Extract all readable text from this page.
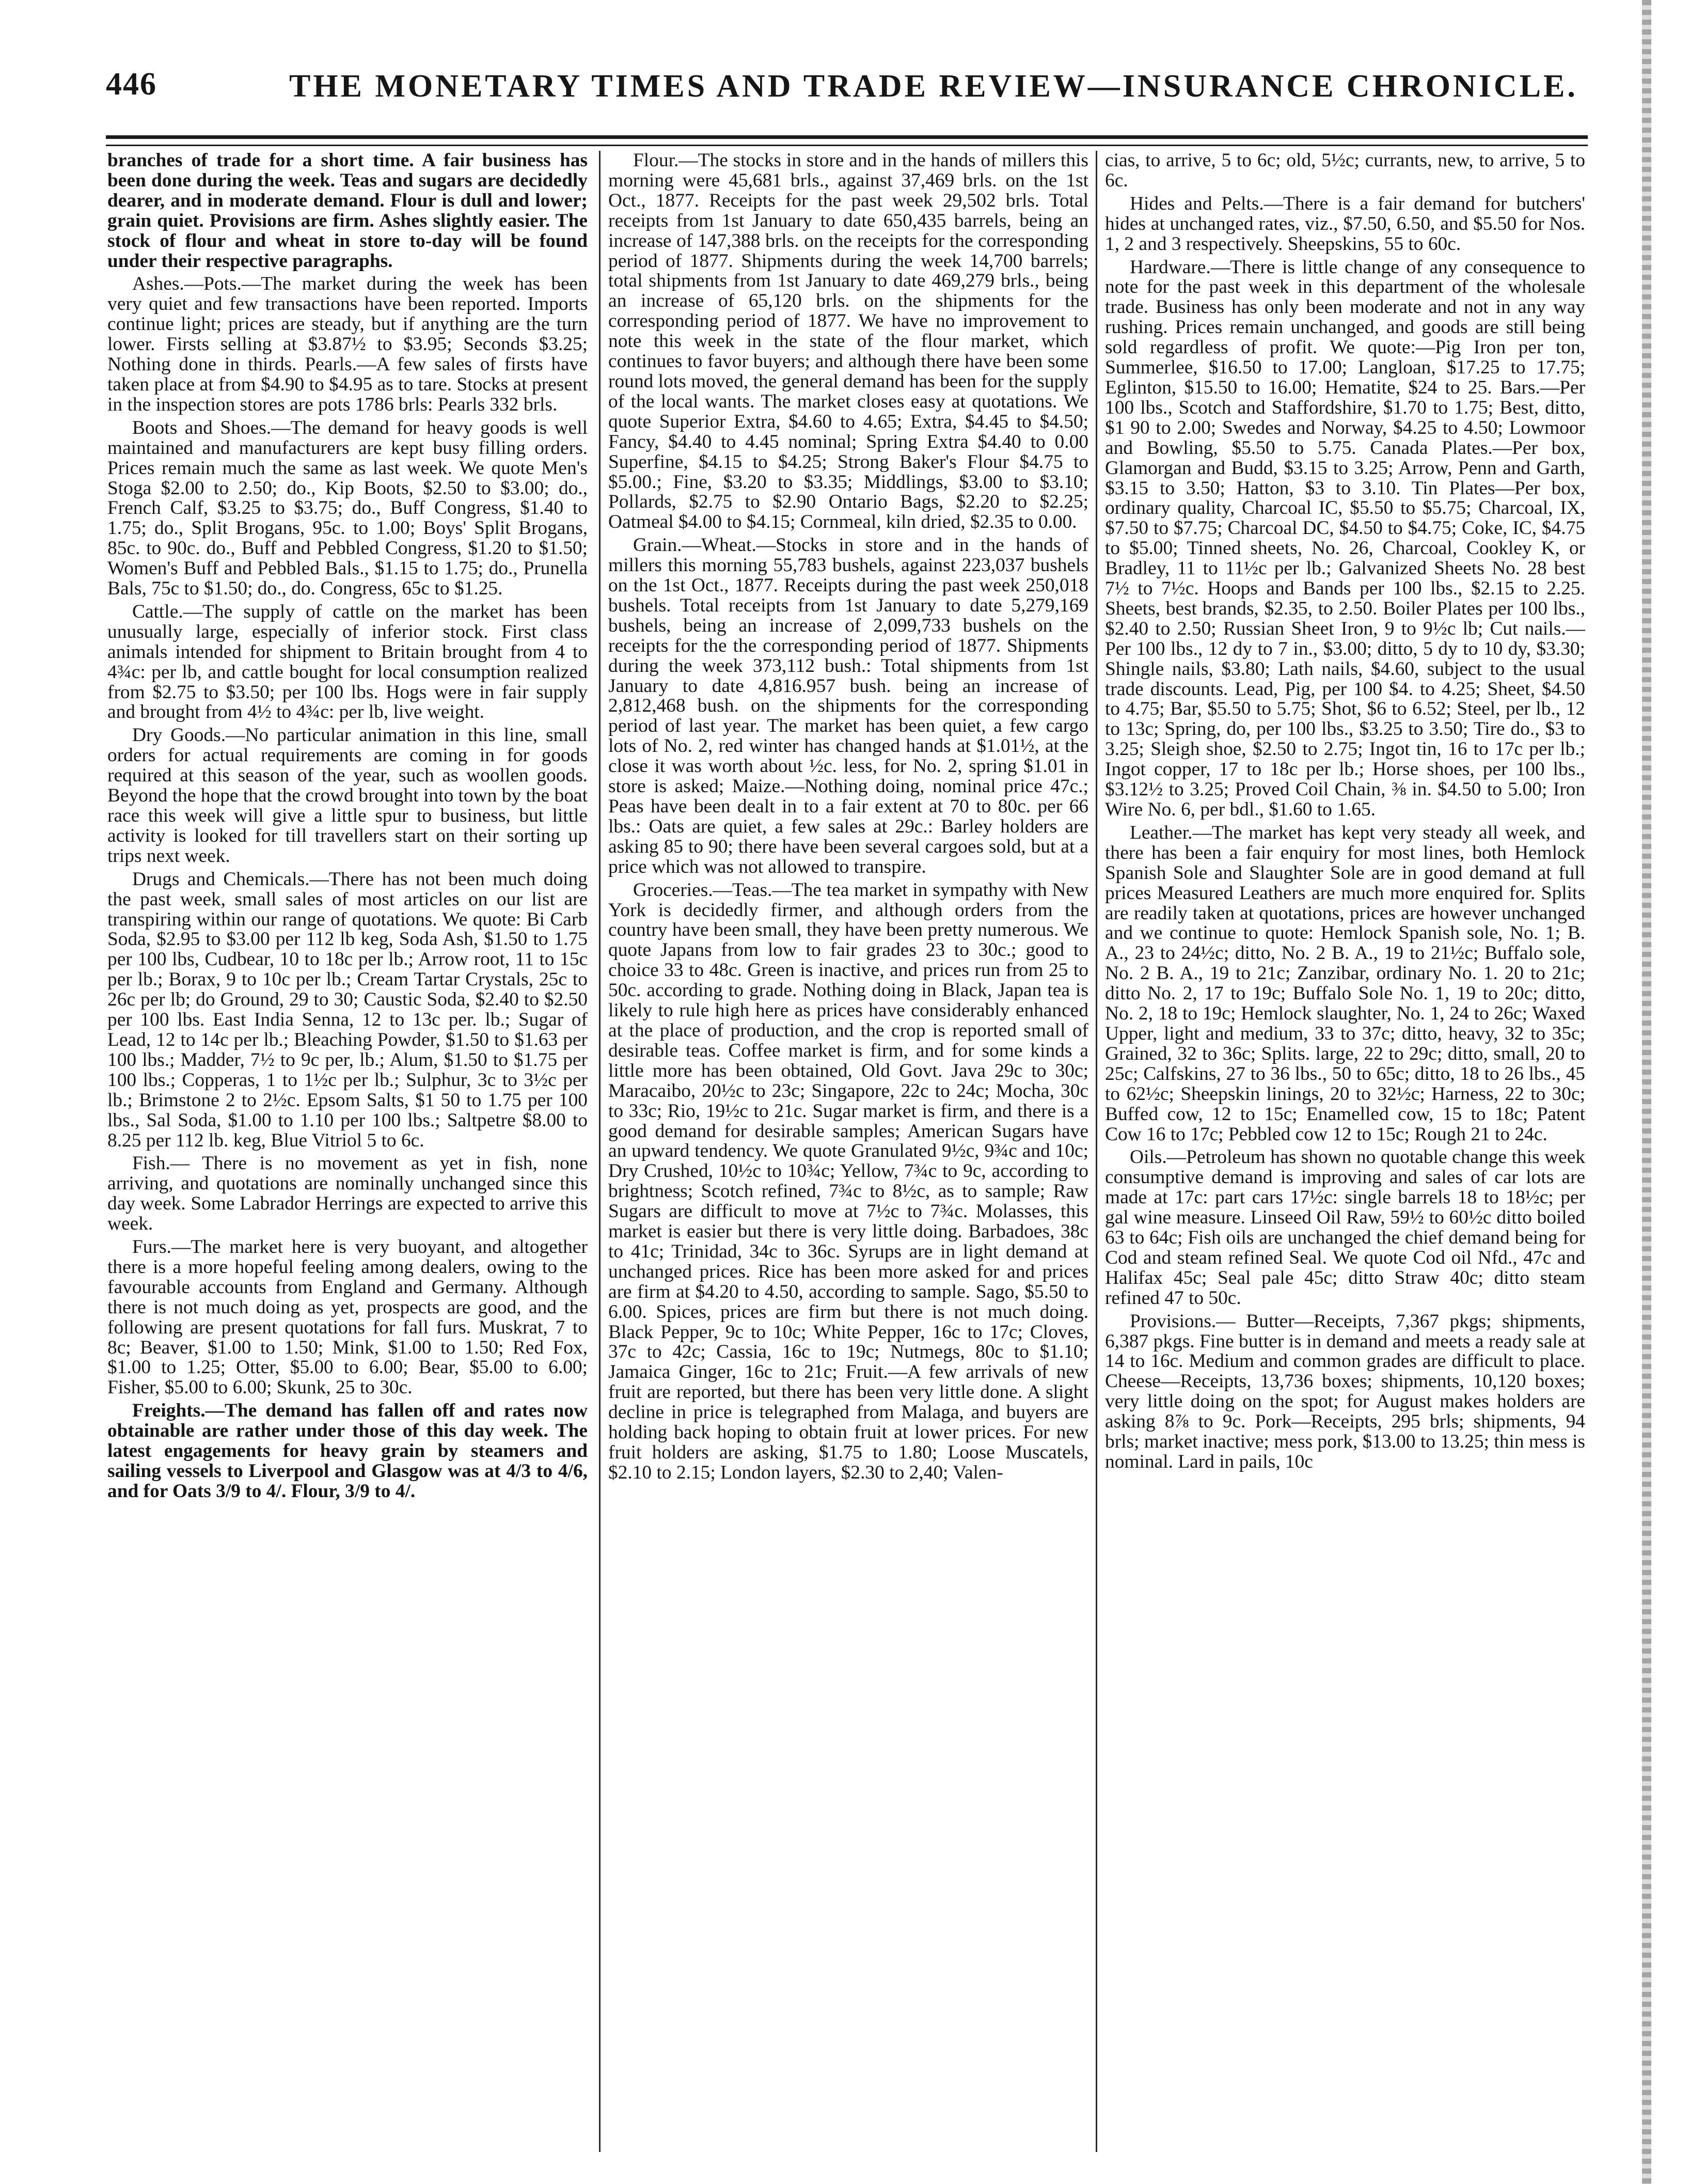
446	THE MONETARY TIMES AND TRADE REVIEW—INSURANCE CHRONICLE.

branches of trade for a short time. A fair business has been done during the week. Teas and sugars are decidedly dearer, and in moderate demand. Flour is dull and lower; grain quiet. Provisions are firm. Ashes slightly easier. The stock of flour and wheat in store to-day will be found under their respective paragraphs.

Ashes.—Pots.—The market during the week has been very quiet and few transactions have been reported. Imports continue light; prices are steady, but if anything are the turn lower. Firsts selling at $3.87½ to $3.95; Seconds $3.25; Nothing done in thirds. Pearls.—A few sales of firsts have taken place at from $4.90 to $4.95 as to tare. Stocks at present in the inspection stores are pots 1786 brls: Pearls 332 brls.

Boots and Shoes.—The demand for heavy goods is well maintained and manufacturers are kept busy filling orders. Prices remain much the same as last week. We quote Men's Stoga $2.00 to 2.50; do., Kip Boots, $2.50 to $3.00; do., French Calf, $3.25 to $3.75; do., Buff Congress, $1.40 to 1.75; do., Split Brogans, 95c. to 1.00; Boys' Split Brogans, 85c. to 90c. do., Buff and Pebbled Congress, $1.20 to $1.50; Women's Buff and Pebbled Bals., $1.15 to 1.75; do., Prunella Bals, 75c to $1.50; do., do. Congress, 65c to $1.25.

Cattle.—The supply of cattle on the market has been unusually large, especially of inferior stock. First class animals intended for shipment to Britain brought from 4 to 4¾c: per lb, and cattle bought for local consumption realized from $2.75 to $3.50; per 100 lbs. Hogs were in fair supply and brought from 4½ to 4¾c: per lb, live weight.

Dry Goods.—No particular animation in this line, small orders for actual requirements are coming in for goods required at this season of the year, such as woollen goods. Beyond the hope that the crowd brought into town by the boat race this week will give a little spur to business, but little activity is looked for till travellers start on their sorting up trips next week.

Drugs and Chemicals.—There has not been much doing the past week, small sales of most articles on our list are transpiring within our range of quotations. We quote: Bi Carb Soda, $2.95 to $3.00 per 112 lb keg, Soda Ash, $1.50 to 1.75 per 100 lbs, Cudbear, 10 to 18c per lb.; Arrow root, 11 to 15c per lb.; Borax, 9 to 10c per lb.; Cream Tartar Crystals, 25c to 26c per lb; do Ground, 29 to 30; Caustic Soda, $2.40 to $2.50 per 100 lbs. East India Senna, 12 to 13c per. lb.; Sugar of Lead, 12 to 14c per lb.; Bleaching Powder, $1.50 to $1.63 per 100 lbs.; Madder, 7½ to 9c per, lb.; Alum, $1.50 to $1.75 per 100 lbs.; Copperas, 1 to 1½c per lb.; Sulphur, 3c to 3½c per lb.; Brimstone 2 to 2½c. Epsom Salts, $1 50 to 1.75 per 100 lbs., Sal Soda, $1.00 to 1.10 per 100 lbs.; Saltpetre $8.00 to 8.25 per 112 lb. keg, Blue Vitriol 5 to 6c.

Fish.— There is no movement as yet in fish, none arriving, and quotations are nominally unchanged since this day week. Some Labrador Herrings are expected to arrive this week.

Furs.—The market here is very buoyant, and altogether there is a more hopeful feeling among dealers, owing to the favourable accounts from England and Germany. Although there is not much doing as yet, prospects are good, and the following are present quotations for fall furs. Muskrat, 7 to 8c; Beaver, $1.00 to 1.50; Mink, $1.00 to 1.50; Red Fox, $1.00 to 1.25; Otter, $5.00 to 6.00; Bear, $5.00 to 6.00; Fisher, $5.00 to 6.00; Skunk, 25 to 30c.

Freights.—The demand has fallen off and rates now obtainable are rather under those of this day week. The latest engagements for heavy grain by steamers and sailing vessels to Liverpool and Glasgow was at 4/3 to 4/6, and for Oats 3/9 to 4/. Flour, 3/9 to 4/.

Flour.—The stocks in store and in the hands of millers this morning were 45,681 brls., against 37,469 brls. on the 1st Oct., 1877. Receipts for the past week 29,502 brls. Total receipts from 1st January to date 650,435 barrels, being an increase of 147,388 brls. on the receipts for the corresponding period of 1877. Shipments during the week 14,700 barrels; total shipments from 1st January to date 469,279 brls., being an increase of 65,120 brls. on the shipments for the corresponding period of 1877. We have no improvement to note this week in the state of the flour market, which continues to favor buyers; and although there have been some round lots moved, the general demand has been for the supply of the local wants. The market closes easy at quotations. We quote Superior Extra, $4.60 to 4.65; Extra, $4.45 to $4.50; Fancy, $4.40 to 4.45 nominal; Spring Extra $4.40 to 0.00 Superfine, $4.15 to $4.25; Strong Baker's Flour $4.75 to $5.00.; Fine, $3.20 to $3.35; Middlings, $3.00 to $3.10; Pollards, $2.75 to $2.90 Ontario Bags, $2.20 to $2.25; Oatmeal $4.00 to $4.15; Cornmeal, kiln dried, $2.35 to 0.00.

Grain.—Wheat.—Stocks in store and in the hands of millers this morning 55,783 bushels, against 223,037 bushels on the 1st Oct., 1877. Receipts during the past week 250,018 bushels. Total receipts from 1st January to date 5,279,169 bushels, being an increase of 2,099,733 bushels on the receipts for the the corresponding period of 1877. Shipments during the week 373,112 bush.: Total shipments from 1st January to date 4,816.957 bush. being an increase of 2,812,468 bush. on the shipments for the corresponding period of last year. The market has been quiet, a few cargo lots of No. 2, red winter has changed hands at $1.01½, at the close it was worth about ½c. less, for No. 2, spring $1.01 in store is asked; Maize.—Nothing doing, nominal price 47c.; Peas have been dealt in to a fair extent at 70 to 80c. per 66 lbs.: Oats are quiet, a few sales at 29c.: Barley holders are asking 85 to 90; there have been several cargoes sold, but at a price which was not allowed to transpire.

Groceries.—Teas.—The tea market in sympathy with New York is decidedly firmer, and although orders from the country have been small, they have been pretty numerous. We quote Japans from low to fair grades 23 to 30c.; good to choice 33 to 48c. Green is inactive, and prices run from 25 to 50c. according to grade. Nothing doing in Black, Japan tea is likely to rule high here as prices have considerably enhanced at the place of production, and the crop is reported small of desirable teas. Coffee market is firm, and for some kinds a little more has been obtained, Old Govt. Java 29c to 30c; Maracaibo, 20½c to 23c; Singapore, 22c to 24c; Mocha, 30c to 33c; Rio, 19½c to 21c. Sugar market is firm, and there is a good demand for desirable samples; American Sugars have an upward tendency. We quote Granulated 9½c, 9¾c and 10c; Dry Crushed, 10½c to 10¾c; Yellow, 7¾c to 9c, according to brightness; Scotch refined, 7¾c to 8½c, as to sample; Raw Sugars are difficult to move at 7½c to 7¾c. Molasses, this market is easier but there is very little doing. Barbadoes, 38c to 41c; Trinidad, 34c to 36c. Syrups are in light demand at unchanged prices. Rice has been more asked for and prices are firm at $4.20 to 4.50, according to sample. Sago, $5.50 to 6.00. Spices, prices are firm but there is not much doing. Black Pepper, 9c to 10c; White Pepper, 16c to 17c; Cloves, 37c to 42c; Cassia, 16c to 19c; Nutmegs, 80c to $1.10; Jamaica Ginger, 16c to 21c; Fruit.—A few arrivals of new fruit are reported, but there has been very little done. A slight decline in price is telegraphed from Malaga, and buyers are holding back hoping to obtain fruit at lower prices. For new fruit holders are asking, $1.75 to 1.80; Loose Muscatels, $2.10 to 2.15; London layers, $2.30 to 2,40; Valen-

cias, to arrive, 5 to 6c; old, 5½c; currants, new, to arrive, 5 to 6c.

Hides and Pelts.—There is a fair demand for butchers' hides at unchanged rates, viz., $7.50, 6.50, and $5.50 for Nos. 1, 2 and 3 respectively. Sheepskins, 55 to 60c.

Hardware.—There is little change of any consequence to note for the past week in this department of the wholesale trade. Business has only been moderate and not in any way rushing. Prices remain unchanged, and goods are still being sold regardless of profit. We quote:—Pig Iron per ton, Summerlee, $16.50 to 17.00; Langloan, $17.25 to 17.75; Eglinton, $15.50 to 16.00; Hematite, $24 to 25. Bars.—Per 100 lbs., Scotch and Staffordshire, $1.70 to 1.75; Best, ditto, $1 90 to 2.00; Swedes and Norway, $4.25 to 4.50; Lowmoor and Bowling, $5.50 to 5.75. Canada Plates.—Per box, Glamorgan and Budd, $3.15 to 3.25; Arrow, Penn and Garth, $3.15 to 3.50; Hatton, $3 to 3.10. Tin Plates—Per box, ordinary quality, Charcoal IC, $5.50 to $5.75; Charcoal, IX, $7.50 to $7.75; Charcoal DC, $4.50 to $4.75; Coke, IC, $4.75 to $5.00; Tinned sheets, No. 26, Charcoal, Cookley K, or Bradley, 11 to 11½c per lb.; Galvanized Sheets No. 28 best 7½ to 7½c. Hoops and Bands per 100 lbs., $2.15 to 2.25. Sheets, best brands, $2.35, to 2.50. Boiler Plates per 100 lbs., $2.40 to 2.50; Russian Sheet Iron, 9 to 9½c lb; Cut nails.—Per 100 lbs., 12 dy to 7 in., $3.00; ditto, 5 dy to 10 dy, $3.30; Shingle nails, $3.80; Lath nails, $4.60, subject to the usual trade discounts. Lead, Pig, per 100 $4. to 4.25; Sheet, $4.50 to 4.75; Bar, $5.50 to 5.75; Shot, $6 to 6.52; Steel, per lb., 12 to 13c; Spring, do, per 100 lbs., $3.25 to 3.50; Tire do., $3 to 3.25; Sleigh shoe, $2.50 to 2.75; Ingot tin, 16 to 17c per lb.; Ingot copper, 17 to 18c per lb.; Horse shoes, per 100 lbs., $3.12½ to 3.25; Proved Coil Chain, ⅜ in. $4.50 to 5.00; Iron Wire No. 6, per bdl., $1.60 to 1.65.

Leather.—The market has kept very steady all week, and there has been a fair enquiry for most lines, both Hemlock Spanish Sole and Slaughter Sole are in good demand at full prices Measured Leathers are much more enquired for. Splits are readily taken at quotations, prices are however unchanged and we continue to quote: Hemlock Spanish sole, No. 1; B. A., 23 to 24½c; ditto, No. 2 B. A., 19 to 21½c; Buffalo sole, No. 2 B. A., 19 to 21c; Zanzibar, ordinary No. 1. 20 to 21c; ditto No. 2, 17 to 19c; Buffalo Sole No. 1, 19 to 20c; ditto, No. 2, 18 to 19c; Hemlock slaughter, No. 1, 24 to 26c; Waxed Upper, light and medium, 33 to 37c; ditto, heavy, 32 to 35c; Grained, 32 to 36c; Splits. large, 22 to 29c; ditto, small, 20 to 25c; Calfskins, 27 to 36 lbs., 50 to 65c; ditto, 18 to 26 lbs., 45 to 62½c; Sheepskin linings, 20 to 32½c; Harness, 22 to 30c; Buffed cow, 12 to 15c; Enamelled cow, 15 to 18c; Patent Cow 16 to 17c; Pebbled cow 12 to 15c; Rough 21 to 24c.

Oils.—Petroleum has shown no quotable change this week consumptive demand is improving and sales of car lots are made at 17c: part cars 17½c: single barrels 18 to 18½c; per gal wine measure. Linseed Oil Raw, 59½ to 60½c ditto boiled 63 to 64c; Fish oils are unchanged the chief demand being for Cod and steam refined Seal. We quote Cod oil Nfd., 47c and Halifax 45c; Seal pale 45c; ditto Straw 40c; ditto steam refined 47 to 50c.

Provisions.— Butter—Receipts, 7,367 pkgs; shipments, 6,387 pkgs. Fine butter is in demand and meets a ready sale at 14 to 16c. Medium and common grades are difficult to place. Cheese—Receipts, 13,736 boxes; shipments, 10,120 boxes; very little doing on the spot; for August makes holders are asking 8⅞ to 9c. Pork—Receipts, 295 brls; shipments, 94 brls; market inactive; mess pork, $13.00 to 13.25; thin mess is nominal. Lard in pails, 10c
